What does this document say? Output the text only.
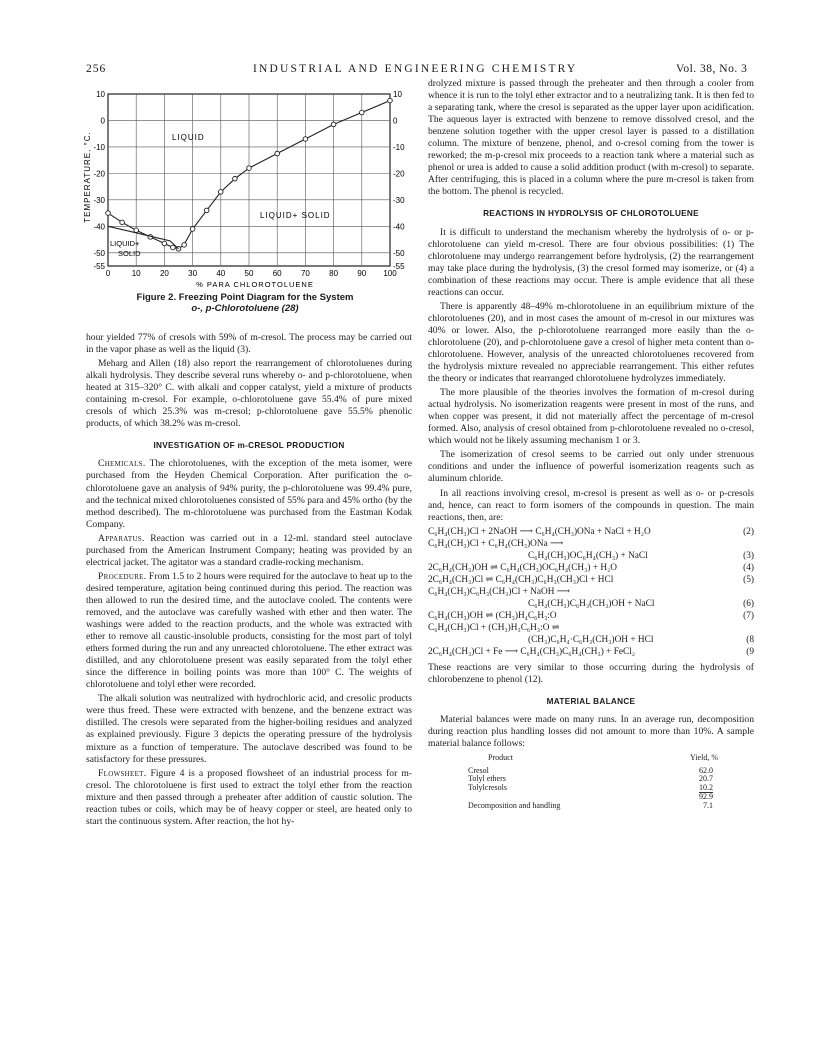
256	INDUSTRIAL AND ENGINEERING CHEMISTRY	Vol. 38, No. 3
0	10 20 30 40 50 60 70 80 90 100
10
0
-10
-20
-30
-40
-50
-55
10
0
-10
-20
-30
-40
-50
-55
TEMPERATURE, °C.
% PARA CHLOROTOLUENE
LIQUID
LIQUID+ SOLID
LIQUID+
SOLID
Figure 2. Freezing Point Diagram for the System
o-, p-Chlorotoluene (28)

hour yielded 77% of cresols with 59% of m-cresol. The process may be carried out in the vapor phase as well as the liquid (3).

Meharg and Allen (18) also report the rearrangement of chlorotoluenes during alkali hydrolysis. They describe several runs whereby o- and p-chlorotoluene, when heated at 315–320° C. with alkali and copper catalyst, yield a mixture of products containing m-cresol. For example, o-chlorotoluene gave 55.4% of pure mixed cresols of which 25.3% was m-cresol; p-chlorotoluene gave 55.5% phenolic products, of which 38.2% was m-cresol.

INVESTIGATION OF m-CRESOL PRODUCTION

Chemicals. The chlorotoluenes, with the exception of the meta isomer, were purchased from the Heyden Chemical Corporation. After purification the o-chlorotoluene gave an analysis of 94% purity, the p-chlorotoluene was 99.4% pure, and the technical mixed chlorotoluenes consisted of 55% para and 45% ortho (by the method described). The m-chlorotoluene was purchased from the Eastman Kodak Company.

Apparatus. Reaction was carried out in a 12-ml. standard steel autoclave purchased from the American Instrument Company; heating was provided by an electrical jacket. The agitator was a standard cradle-rocking mechanism.

Procedure. From 1.5 to 2 hours were required for the autoclave to heat up to the desired temperature, agitation being continued during this period. The reaction was then allowed to run the desired time, and the autoclave cooled. The contents were removed, and the autoclave was carefully washed with ether and then water. The washings were added to the reaction products, and the whole was extracted with ether to remove all caustic-insoluble products, consisting for the most part of tolyl ethers formed during the run and any unreacted chlorotoluene. The ether extract was distilled, and any chlorotoluene present was easily separated from the tolyl ether since the difference in boiling points was more than 100° C. The weights of chlorotoluene and tolyl ether were recorded.

The alkali solution was neutralized with hydrochloric acid, and cresolic products were thus freed. These were extracted with benzene, and the benzene extract was distilled. The cresols were separated from the higher-boiling residues and analyzed as explained previously. Figure 3 depicts the operating pressure of the hydrolysis mixture as a function of temperature. The autoclave described was found to be satisfactory for these pressures.

Flowsheet. Figure 4 is a proposed flowsheet of an industrial process for m-cresol. The chlorotoluene is first used to extract the tolyl ether from the reaction mixture and then passed through a preheater after addition of caustic solution. The reaction tubes or coils, which may be of heavy copper or steel, are heated only to start the continuous system. After reaction, the hot hy-

drolyzed mixture is passed through the preheater and then through a cooler from whence it is run to the tolyl ether extractor and to a neutralizing tank. It is then fed to a separating tank, where the cresol is separated as the upper layer upon acidification. The aqueous layer is extracted with benzene to remove dissolved cresol, and the benzene solution together with the upper cresol layer is passed to a distillation column. The mixture of benzene, phenol, and o-cresol coming from the tower is reworked; the m-p-cresol mix proceeds to a reaction tank where a material such as phenol or urea is added to cause a solid addition product (with m-cresol) to separate. After centrifuging, this is placed in a column where the pure m-cresol is taken from the bottom. The phenol is recycled.

REACTIONS IN HYDROLYSIS OF CHLOROTOLUENE

It is difficult to understand the mechanism whereby the hydrolysis of o- or p-chlorotoluene can yield m-cresol. There are four obvious possibilities: (1) The chlorotoluene may undergo rearrangement before hydrolysis, (2) the rearrangement may take place during the hydrolysis, (3) the cresol formed may isomerize, or (4) a combination of these reactions may occur. There is ample evidence that all these reactions can occur.

There is apparently 48–49% m-chlorotoluene in an equilibrium mixture of the chlorotoluenes (20), and in most cases the amount of m-cresol in our mixtures was 40% or lower. Also, the p-chlorotoluene rearranged more easily than the o-chlorotoluene (20), and p-chlorotoluene gave a cresol of higher meta content than o-chlorotoluene. However, analysis of the unreacted chlorotoluenes recovered from the hydrolysis mixture revealed no appreciable rearrangement. This either refutes the theory or indicates that rearranged chlorotoluene hydrolyzes immediately.

The more plausible of the theories involves the formation of m-cresol during actual hydrolysis. No isomerization reagents were present in most of the runs, and when copper was present, it did not materially affect the percentage of m-cresol formed. Also, analysis of cresol obtained from p-chlorotoluene revealed no o-cresol, which would not be likely assuming mechanism 1 or 3.

The isomerization of cresol seems to be carried out only under strenuous conditions and under the influence of powerful isomerization reagents such as aluminum chloride.

In all reactions involving cresol, m-cresol is present as well as o- or p-cresols and, hence, can react to form isomers of the compounds in question. The main reactions, then, are:

C₆H₄(CH₃)Cl + 2NaOH ⟶ C₆H₄(CH₃)ONa + NaCl + H₂O	(2)
C₆H₄(CH₃)Cl + C₆H₄(CH₃)ONa ⟶
C₆H₄(CH₃)OC₆H₄(CH₃) + NaCl	(3)
2C₆H₄(CH₃)OH ⇌ C₆H₄(CH₃)OC₆H₄(CH₃) + H₂O	(4)
2C₆H₄(CH₃)Cl ⇌ C₆H₄(CH₃)C₆H₃(CH₃)Cl + HCl	(5)
C₆H₄(CH₃)C₆H₃(CH₃)Cl + NaOH ⟶
C₆H₄(CH₃)C₆H₃(CH₃)OH + NaCl	(6)
C₆H₄(CH₃)OH ⇌ (CH₃)H₄C₆H₃:O	(7)
C₆H₄(CH₃)Cl + (CH₃)H₃C₆H₃:O ⇌
(CH₃)C₆H₄·C₆H₃(CH₃)OH + HCl	(8
2C₆H₄(CH₃)Cl + Fe ⟶ C₆H₄(CH₃)C₆H₄(CH₃) + FeCl₂	(9

These reactions are very similar to those occurring during the hydrolysis of chlorobenzene to phenol (12).

MATERIAL BALANCE

Material balances were made on many runs. In an average run, decomposition during reaction plus handling losses did not amount to more than 10%. A sample material balance follows:

Product	Yield, %
Cresol	62.0
Tolyl ethers	20.7
Tolylcresols	10.2
92.9
Decomposition and handling	7.1
